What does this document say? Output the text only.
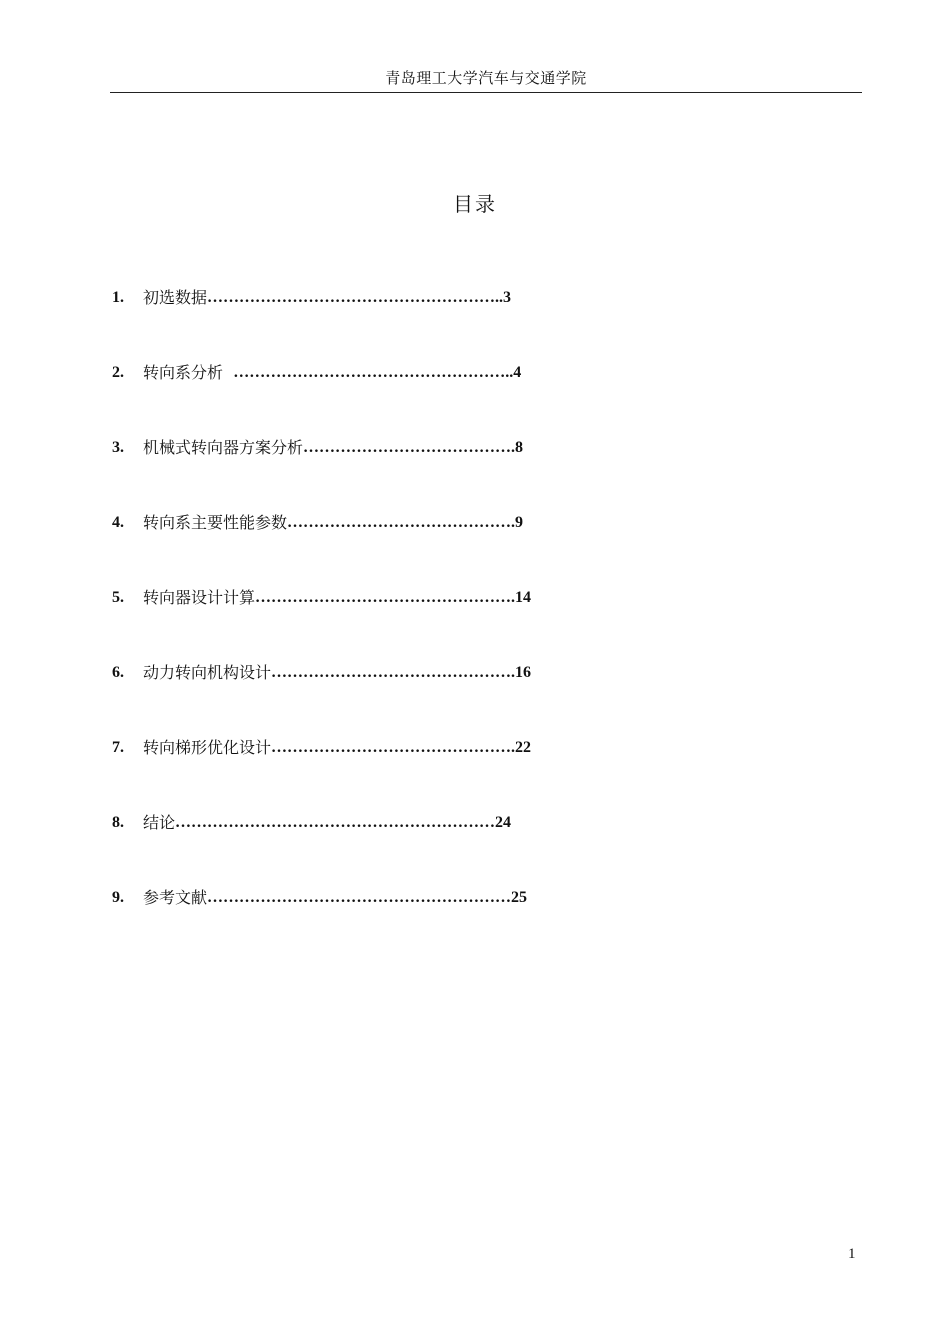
青岛理工大学汽车与交通学院
目录
1.	初选数据 ……………………………………………….. 3
2.	转向系分析 …………………………………………….. 4
3.	机械式转向器方案分析 …………………………………. 8
4.	转向系主要性能参数 ……………………………………. 9
5.	转向器设计计算 …………………………………………. 14
6.	动力转向机构设计 ………………………………………. 16
7.	转向梯形优化设计 ………………………………………. 22
8.	结论 …………………………………………………… 24
9.	参考文献 ………………………………………………… 25
1
